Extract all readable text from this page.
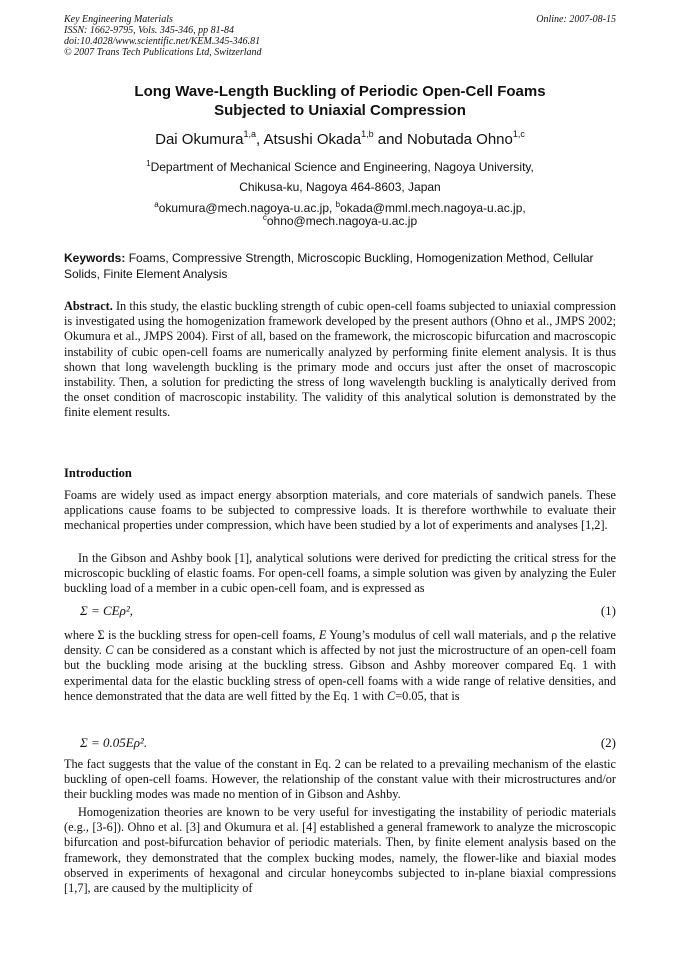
Key Engineering Materials
ISSN: 1662-9795, Vols. 345-346, pp 81-84
doi:10.4028/www.scientific.net/KEM.345-346.81
© 2007 Trans Tech Publications Ltd, Switzerland
Online: 2007-08-15
Long Wave-Length Buckling of Periodic Open-Cell Foams
Subjected to Uniaxial Compression
Dai Okumura$^{1,a}$, Atsushi Okada$^{1,b}$ and Nobutada Ohno$^{1,c}$
$^1$Department of Mechanical Science and Engineering, Nagoya University,
Chikusa-ku, Nagoya 464-8603, Japan
$^a$okumura@mech.nagoya-u.ac.jp, $^b$okada@mml.mech.nagoya-u.ac.jp,
$^c$ohno@mech.nagoya-u.ac.jp
Keywords: Foams, Compressive Strength, Microscopic Buckling, Homogenization Method, Cellular Solids, Finite Element Analysis
Abstract. In this study, the elastic buckling strength of cubic open-cell foams subjected to uniaxial compression is investigated using the homogenization framework developed by the present authors (Ohno et al., JMPS 2002; Okumura et al., JMPS 2004). First of all, based on the framework, the microscopic bifurcation and macroscopic instability of cubic open-cell foams are numerically analyzed by performing finite element analysis. It is thus shown that long wavelength buckling is the primary mode and occurs just after the onset of macroscopic instability. Then, a solution for predicting the stress of long wavelength buckling is analytically derived from the onset condition of macroscopic instability. The validity of this analytical solution is demonstrated by the finite element results.
Introduction
Foams are widely used as impact energy absorption materials, and core materials of sandwich panels. These applications cause foams to be subjected to compressive loads. It is therefore worthwhile to evaluate their mechanical properties under compression, which have been studied by a lot of experiments and analyses [1,2].
In the Gibson and Ashby book [1], analytical solutions were derived for predicting the critical stress for the microscopic buckling of elastic foams. For open-cell foams, a simple solution was given by analyzing the Euler buckling load of a member in a cubic open-cell foam, and is expressed as
Σ = CEρ²,	(1)
where Σ is the buckling stress for open-cell foams, E Young’s modulus of cell wall materials, and ρ the relative density. C can be considered as a constant which is affected by not just the microstructure of an open-cell foam but the buckling mode arising at the buckling stress. Gibson and Ashby moreover compared Eq. 1 with experimental data for the elastic buckling stress of open-cell foams with a wide range of relative densities, and hence demonstrated that the data are well fitted by the Eq. 1 with C=0.05, that is
Σ = 0.05Eρ².	(2)
The fact suggests that the value of the constant in Eq. 2 can be related to a prevailing mechanism of the elastic buckling of open-cell foams. However, the relationship of the constant value with their microstructures and/or their buckling modes was made no mention of in Gibson and Ashby.
Homogenization theories are known to be very useful for investigating the instability of periodic materials (e.g., [3-6]). Ohno et al. [3] and Okumura et al. [4] established a general framework to analyze the microscopic bifurcation and post-bifurcation behavior of periodic materials. Then, by finite element analysis based on the framework, they demonstrated that the complex bucking modes, namely, the flower-like and biaxial modes observed in experiments of hexagonal and circular honeycombs subjected to in-plane biaxial compressions [1,7], are caused by the multiplicity of
